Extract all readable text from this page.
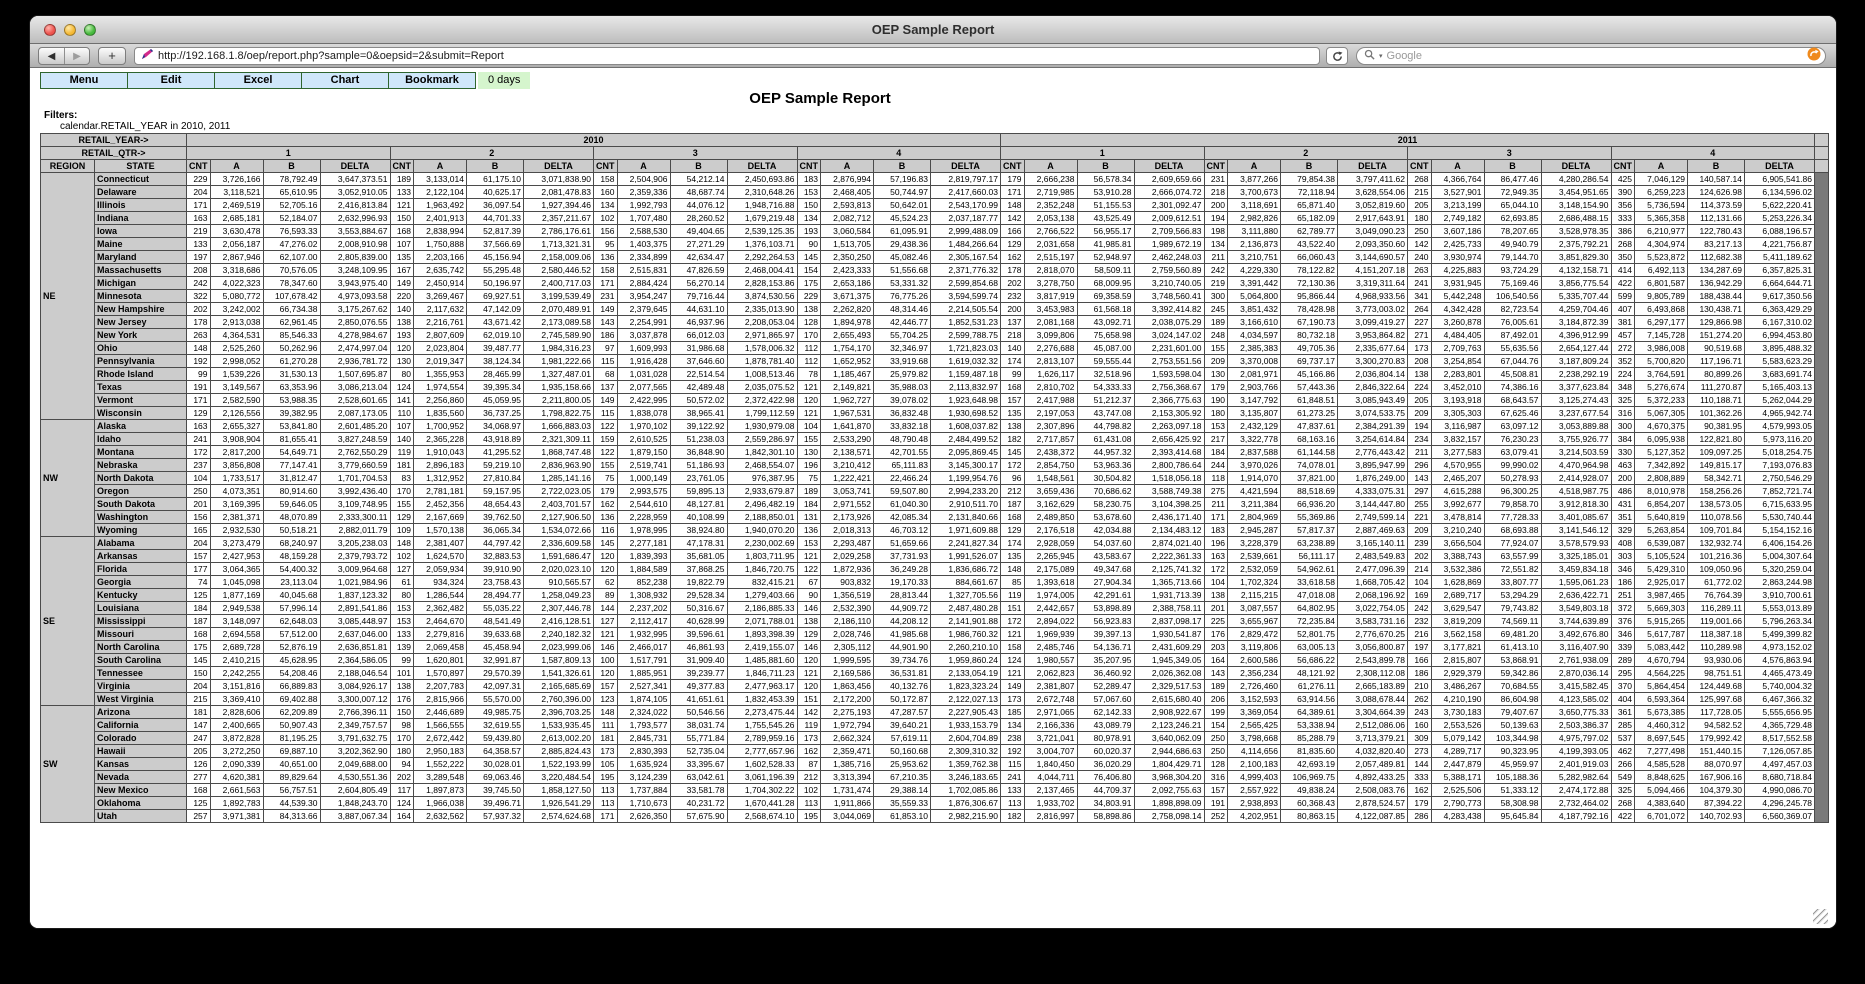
OEP Sample Report
◀	▶	+	http://192.168.1.8/oep/report.php?sample=0&oepsid=2&submit=Report	▾ Google
Menu	Edit	Excel	Chart	Bookmark	0 days
OEP Sample Report
Filters:
calendar.RETAIL_YEAR in 2010, 2011
RETAIL_YEAR->		2010																2011																
RETAIL_QTR->		1				2				3				4				1				2				3				4				
REGION	STATE	CNT	A	B	DELTA	CNT	A	B	DELTA	CNT	A	B	DELTA	CNT	A	B	DELTA	CNT	A	B	DELTA	CNT	A	B	DELTA	CNT	A	B	DELTA	CNT	A	B	DELTA	
NE	Connecticut	229	3,726,166	78,792.49	3,647,373.51	189	3,133,014	61,175.10	3,071,838.90	158	2,504,906	54,212.14	2,450,693.86	183	2,876,994	57,196.83	2,819,797.17	179	2,666,238	56,578.34	2,609,659.66	231	3,877,266	79,854.38	3,797,411.62	268	4,366,764	86,477.46	4,280,286.54	425	7,046,129	140,587.14	6,905,541.86	
	Delaware	204	3,118,521	65,610.95	3,052,910.05	133	2,122,104	40,625.17	2,081,478.83	160	2,359,336	48,687.74	2,310,648.26	153	2,468,405	50,744.97	2,417,660.03	171	2,719,985	53,910.28	2,666,074.72	218	3,700,673	72,118.94	3,628,554.06	215	3,527,901	72,949.35	3,454,951.65	390	6,259,223	124,626.98	6,134,596.02	
	Illinois	171	2,469,519	52,705.16	2,416,813.84	121	1,963,492	36,097.54	1,927,394.46	134	1,992,793	44,076.12	1,948,716.88	150	2,593,813	50,642.01	2,543,170.99	148	2,352,248	51,155.53	2,301,092.47	200	3,118,691	65,871.40	3,052,819.60	205	3,213,199	65,044.10	3,148,154.90	356	5,736,594	114,373.59	5,622,220.41	
	Indiana	163	2,685,181	52,184.07	2,632,996.93	150	2,401,913	44,701.33	2,357,211.67	102	1,707,480	28,260.52	1,679,219.48	134	2,082,712	45,524.23	2,037,187.77	142	2,053,138	43,525.49	2,009,612.51	194	2,982,826	65,182.09	2,917,643.91	180	2,749,182	62,693.85	2,686,488.15	333	5,365,358	112,131.66	5,253,226.34	
	Iowa	219	3,630,478	76,593.33	3,553,884.67	168	2,838,994	52,817.39	2,786,176.61	156	2,588,530	49,404.65	2,539,125.35	193	3,060,584	61,095.91	2,999,488.09	166	2,766,522	56,955.17	2,709,566.83	198	3,111,880	62,789.77	3,049,090.23	250	3,607,186	78,207.65	3,528,978.35	386	6,210,977	122,780.43	6,088,196.57	
	Maine	133	2,056,187	47,276.02	2,008,910.98	107	1,750,888	37,566.69	1,713,321.31	95	1,403,375	27,271.29	1,376,103.71	90	1,513,705	29,438.36	1,484,266.64	129	2,031,658	41,985.81	1,989,672.19	134	2,136,873	43,522.40	2,093,350.60	142	2,425,733	49,940.79	2,375,792.21	268	4,304,974	83,217.13	4,221,756.87	
	Maryland	197	2,867,946	62,107.00	2,805,839.00	135	2,203,166	45,156.94	2,158,009.06	136	2,334,899	42,634.47	2,292,264.53	145	2,350,250	45,082.46	2,305,167.54	162	2,515,197	52,948.97	2,462,248.03	211	3,210,751	66,060.43	3,144,690.57	240	3,930,974	79,144.70	3,851,829.30	350	5,523,872	112,682.38	5,411,189.62	
	Massachusetts	208	3,318,686	70,576.05	3,248,109.95	167	2,635,742	55,295.48	2,580,446.52	158	2,515,831	47,826.59	2,468,004.41	154	2,423,333	51,556.68	2,371,776.32	178	2,818,070	58,509.11	2,759,560.89	242	4,229,330	78,122.82	4,151,207.18	263	4,225,883	93,724.29	4,132,158.71	414	6,492,113	134,287.69	6,357,825.31	
	Michigan	242	4,022,323	78,347.60	3,943,975.40	149	2,450,914	50,196.97	2,400,717.03	171	2,884,424	56,270.14	2,828,153.86	175	2,653,186	53,331.32	2,599,854.68	202	3,278,750	68,009.95	3,210,740.05	219	3,391,442	72,130.36	3,319,311.64	241	3,931,945	75,169.46	3,856,775.54	422	6,801,587	136,942.29	6,664,644.71	
	Minnesota	322	5,080,772	107,678.42	4,973,093.58	220	3,269,467	69,927.51	3,199,539.49	231	3,954,247	79,716.44	3,874,530.56	229	3,671,375	76,775.26	3,594,599.74	232	3,817,919	69,358.59	3,748,560.41	300	5,064,800	95,866.44	4,968,933.56	341	5,442,248	106,540.56	5,335,707.44	599	9,805,789	188,438.44	9,617,350.56	
	New Hampshire	202	3,242,002	66,734.38	3,175,267.62	140	2,117,632	47,142.09	2,070,489.91	149	2,379,645	44,631.10	2,335,013.90	138	2,262,820	48,314.46	2,214,505.54	200	3,453,983	61,568.18	3,392,414.82	245	3,851,432	78,428.98	3,773,003.02	264	4,342,428	82,723.54	4,259,704.46	407	6,493,868	130,438.71	6,363,429.29	
	New Jersey	178	2,913,038	62,961.45	2,850,076.55	138	2,216,761	43,671.42	2,173,089.58	143	2,254,991	46,937.96	2,208,053.04	128	1,894,978	42,446.77	1,852,531.23	137	2,081,168	43,092.71	2,038,075.29	189	3,166,610	67,190.73	3,099,419.27	227	3,260,878	76,005.61	3,184,872.39	381	6,297,177	129,866.98	6,167,310.02	
	New York	263	4,364,531	85,546.33	4,278,984.67	193	2,807,609	62,019.10	2,745,589.90	186	3,037,878	66,012.03	2,971,865.97	170	2,655,493	55,704.25	2,599,788.75	218	3,099,806	75,658.98	3,024,147.02	248	4,034,597	80,732.18	3,953,864.82	271	4,484,405	87,492.01	4,396,912.99	457	7,145,728	151,274.20	6,994,453.80	
	Ohio	148	2,525,260	50,262.96	2,474,997.04	120	2,023,804	39,487.77	1,984,316.23	97	1,609,993	31,986.68	1,578,006.32	112	1,754,170	32,346.97	1,721,823.03	140	2,276,688	45,087.00	2,231,601.00	155	2,385,383	49,705.36	2,335,677.64	173	2,709,763	55,635.56	2,654,127.44	272	3,986,008	90,519.68	3,895,488.32	
	Pennsylvania	192	2,998,052	61,270.28	2,936,781.72	130	2,019,347	38,124.34	1,981,222.66	115	1,916,428	37,646.60	1,878,781.40	112	1,652,952	33,919.68	1,619,032.32	174	2,813,107	59,555.44	2,753,551.56	209	3,370,008	69,737.17	3,300,270.83	208	3,254,854	67,044.76	3,187,809.24	352	5,700,820	117,196.71	5,583,623.29	
	Rhode Island	99	1,539,226	31,530.13	1,507,695.87	80	1,355,953	28,465.99	1,327,487.01	68	1,031,028	22,514.54	1,008,513.46	78	1,185,467	25,979.82	1,159,487.18	99	1,626,117	32,518.96	1,593,598.04	130	2,081,971	45,166.86	2,036,804.14	138	2,283,801	45,508.81	2,238,292.19	224	3,764,591	80,899.26	3,683,691.74	
	Texas	191	3,149,567	63,353.96	3,086,213.04	124	1,974,554	39,395.34	1,935,158.66	137	2,077,565	42,489.48	2,035,075.52	121	2,149,821	35,988.03	2,113,832.97	168	2,810,702	54,333.33	2,756,368.67	179	2,903,766	57,443.36	2,846,322.64	224	3,452,010	74,386.16	3,377,623.84	348	5,276,674	111,270.87	5,165,403.13	
	Vermont	171	2,582,590	53,988.35	2,528,601.65	141	2,256,860	45,059.95	2,211,800.05	149	2,422,995	50,572.02	2,372,422.98	120	1,962,727	39,078.02	1,923,648.98	157	2,417,988	51,212.37	2,366,775.63	190	3,147,792	61,848.51	3,085,943.49	205	3,193,918	68,643.57	3,125,274.43	325	5,372,233	110,188.71	5,262,044.29	
	Wisconsin	129	2,126,556	39,382.95	2,087,173.05	110	1,835,560	36,737.25	1,798,822.75	115	1,838,078	38,965.41	1,799,112.59	121	1,967,531	36,832.48	1,930,698.52	135	2,197,053	43,747.08	2,153,305.92	180	3,135,807	61,273.25	3,074,533.75	209	3,305,303	67,625.46	3,237,677.54	316	5,067,305	101,362.26	4,965,942.74	
NW	Alaska	163	2,655,327	53,841.80	2,601,485.20	107	1,700,952	34,068.97	1,666,883.03	122	1,970,102	39,122.92	1,930,979.08	104	1,641,870	33,832.18	1,608,037.82	138	2,307,896	44,798.82	2,263,097.18	153	2,432,129	47,837.61	2,384,291.39	194	3,116,987	63,097.12	3,053,889.88	300	4,670,375	90,381.95	4,579,993.05	
	Idaho	241	3,908,904	81,655.41	3,827,248.59	140	2,365,228	43,918.89	2,321,309.11	159	2,610,525	51,238.03	2,559,286.97	155	2,533,290	48,790.48	2,484,499.52	182	2,717,857	61,431.08	2,656,425.92	217	3,322,778	68,163.16	3,254,614.84	234	3,832,157	76,230.23	3,755,926.77	384	6,095,938	122,821.80	5,973,116.20	
	Montana	172	2,817,200	54,649.71	2,762,550.29	119	1,910,043	41,295.52	1,868,747.48	122	1,879,150	36,848.90	1,842,301.10	130	2,138,571	42,701.55	2,095,869.45	145	2,438,372	44,957.32	2,393,414.68	184	2,837,588	61,144.58	2,776,443.42	211	3,277,583	63,079.41	3,214,503.59	330	5,127,352	109,097.25	5,018,254.75	
	Nebraska	237	3,856,808	77,147.41	3,779,660.59	181	2,896,183	59,219.10	2,836,963.90	155	2,519,741	51,186.93	2,468,554.07	196	3,210,412	65,111.83	3,145,300.17	172	2,854,750	53,963.36	2,800,786.64	244	3,970,026	74,078.01	3,895,947.99	296	4,570,955	99,990.02	4,470,964.98	463	7,342,892	149,815.17	7,193,076.83	
	North Dakota	104	1,733,517	31,812.47	1,701,704.53	83	1,312,952	27,810.84	1,285,141.16	75	1,000,149	23,761.05	976,387.95	75	1,222,421	22,466.24	1,199,954.76	96	1,548,561	30,504.82	1,518,056.18	118	1,914,070	37,821.00	1,876,249.00	143	2,465,207	50,278.93	2,414,928.07	200	2,808,889	58,342.71	2,750,546.29	
	Oregon	250	4,073,351	80,914.60	3,992,436.40	170	2,781,181	59,157.95	2,722,023.05	179	2,993,575	59,895.13	2,933,679.87	189	3,053,741	59,507.80	2,994,233.20	212	3,659,436	70,686.62	3,588,749.38	275	4,421,594	88,518.69	4,333,075.31	297	4,615,288	96,300.25	4,518,987.75	486	8,010,978	158,256.26	7,852,721.74	
	South Dakota	201	3,169,395	59,646.05	3,109,748.95	155	2,452,356	48,654.43	2,403,701.57	162	2,544,610	48,127.81	2,496,482.19	184	2,971,552	61,040.30	2,910,511.70	187	3,162,629	58,230.75	3,104,398.25	211	3,211,384	66,936.20	3,144,447.80	255	3,992,677	79,858.70	3,912,818.30	431	6,854,207	138,573.05	6,715,633.95	
	Washington	156	2,381,371	48,070.89	2,333,300.11	129	2,167,669	39,762.50	2,127,906.50	136	2,228,959	40,108.99	2,188,850.01	131	2,173,926	42,085.34	2,131,840.66	168	2,489,850	53,678.60	2,436,171.40	171	2,804,969	55,369.86	2,749,599.14	221	3,478,814	77,728.33	3,401,085.67	351	5,640,819	110,078.56	5,530,740.44	
	Wyoming	165	2,932,530	50,518.21	2,882,011.79	109	1,570,138	36,065.34	1,534,072.66	116	1,978,995	38,924.80	1,940,070.20	136	2,018,313	46,703.12	1,971,609.88	129	2,176,518	42,034.88	2,134,483.12	183	2,945,287	57,817.37	2,887,469.63	209	3,210,240	68,693.88	3,141,546.12	329	5,263,854	109,701.84	5,154,152.16	
SE	Alabama	204	3,273,479	68,240.97	3,205,238.03	148	2,381,407	44,797.42	2,336,609.58	145	2,277,181	47,178.31	2,230,002.69	153	2,293,487	51,659.66	2,241,827.34	174	2,928,059	54,037.60	2,874,021.40	196	3,228,379	63,238.89	3,165,140.11	239	3,656,504	77,924.07	3,578,579.93	408	6,539,087	132,932.74	6,406,154.26	
	Arkansas	157	2,427,953	48,159.28	2,379,793.72	102	1,624,570	32,883.53	1,591,686.47	120	1,839,393	35,681.05	1,803,711.95	121	2,029,258	37,731.93	1,991,526.07	135	2,265,945	43,583.67	2,222,361.33	163	2,539,661	56,111.17	2,483,549.83	202	3,388,743	63,557.99	3,325,185.01	303	5,105,524	101,216.36	5,004,307.64	
	Florida	177	3,064,365	54,400.32	3,009,964.68	127	2,059,934	39,910.90	2,020,023.10	120	1,884,589	37,868.25	1,846,720.75	122	1,872,936	36,249.28	1,836,686.72	148	2,175,089	49,347.68	2,125,741.32	172	2,532,059	54,962.61	2,477,096.39	214	3,532,386	72,551.82	3,459,834.18	346	5,429,310	109,050.96	5,320,259.04	
	Georgia	74	1,045,098	23,113.04	1,021,984.96	61	934,324	23,758.43	910,565.57	62	852,238	19,822.79	832,415.21	67	903,832	19,170.33	884,661.67	85	1,393,618	27,904.34	1,365,713.66	104	1,702,324	33,618.58	1,668,705.42	104	1,628,869	33,807.77	1,595,061.23	186	2,925,017	61,772.02	2,863,244.98	
	Kentucky	125	1,877,169	40,045.68	1,837,123.32	80	1,286,544	28,494.77	1,258,049.23	89	1,308,932	29,528.34	1,279,403.66	90	1,356,519	28,813.44	1,327,705.56	119	1,974,005	42,291.61	1,931,713.39	138	2,115,215	47,018.08	2,068,196.92	169	2,689,717	53,294.29	2,636,422.71	251	3,987,465	76,764.39	3,910,700.61	
	Louisiana	184	2,949,538	57,996.14	2,891,541.86	153	2,362,482	55,035.22	2,307,446.78	144	2,237,202	50,316.67	2,186,885.33	146	2,532,390	44,909.72	2,487,480.28	151	2,442,657	53,898.89	2,388,758.11	201	3,087,557	64,802.95	3,022,754.05	242	3,629,547	79,743.82	3,549,803.18	372	5,669,303	116,289.11	5,553,013.89	
	Mississippi	187	3,148,097	62,648.03	3,085,448.97	153	2,464,670	48,541.49	2,416,128.51	127	2,112,417	40,628.99	2,071,788.01	138	2,186,110	44,208.12	2,141,901.88	172	2,894,022	56,923.83	2,837,098.17	225	3,655,967	72,235.84	3,583,731.16	232	3,819,209	74,569.11	3,744,639.89	376	5,915,265	119,001.66	5,796,263.34	
	Missouri	168	2,694,558	57,512.00	2,637,046.00	133	2,279,816	39,633.68	2,240,182.32	121	1,932,995	39,596.61	1,893,398.39	129	2,028,746	41,985.68	1,986,760.32	121	1,969,939	39,397.13	1,930,541.87	176	2,829,472	52,801.75	2,776,670.25	216	3,562,158	69,481.20	3,492,676.80	346	5,617,787	118,387.18	5,499,399.82	
	North Carolina	175	2,689,728	52,876.19	2,636,851.81	139	2,069,458	45,458.94	2,023,999.06	146	2,466,017	46,861.93	2,419,155.07	146	2,305,112	44,901.90	2,260,210.10	158	2,485,746	54,136.71	2,431,609.29	203	3,119,806	63,005.13	3,056,800.87	197	3,177,821	61,413.10	3,116,407.90	339	5,083,442	110,289.98	4,973,152.02	
	South Carolina	145	2,410,215	45,628.95	2,364,586.05	99	1,620,801	32,991.87	1,587,809.13	100	1,517,791	31,909.40	1,485,881.60	120	1,999,595	39,734.76	1,959,860.24	124	1,980,557	35,207.95	1,945,349.05	164	2,600,586	56,686.22	2,543,899.78	166	2,815,807	53,868.91	2,761,938.09	289	4,670,794	93,930.06	4,576,863.94	
	Tennessee	150	2,242,255	54,208.46	2,188,046.54	101	1,570,897	29,570.39	1,541,326.61	120	1,885,951	39,239.77	1,846,711.23	121	2,169,586	36,531.81	2,133,054.19	121	2,062,823	36,460.92	2,026,362.08	143	2,356,234	48,121.92	2,308,112.08	186	2,929,379	59,342.86	2,870,036.14	295	4,564,225	98,751.51	4,465,473.49	
	Virginia	204	3,151,816	66,889.83	3,084,926.17	138	2,207,783	42,097.31	2,165,685.69	157	2,527,341	49,377.83	2,477,963.17	120	1,863,456	40,132.76	1,823,323.24	149	2,381,807	52,289.47	2,329,517.53	189	2,726,460	61,276.11	2,665,183.89	210	3,486,267	70,684.55	3,415,582.45	370	5,864,454	124,449.68	5,740,004.32	
	West Virginia	215	3,369,410	69,402.88	3,300,007.12	176	2,815,966	55,570.00	2,760,396.00	123	1,874,105	41,651.61	1,832,453.39	151	2,172,200	50,172.87	2,122,027.13	173	2,672,748	57,067.60	2,615,680.40	206	3,152,593	63,914.56	3,088,678.44	262	4,210,190	86,604.98	4,123,585.02	404	6,593,364	125,997.68	6,467,366.32	
SW	Arizona	181	2,828,606	62,209.89	2,766,396.11	150	2,446,689	49,985.75	2,396,703.25	148	2,324,022	50,546.56	2,273,475.44	142	2,275,193	47,287.57	2,227,905.43	185	2,971,065	62,142.33	2,908,922.67	199	3,369,054	64,389.61	3,304,664.39	243	3,730,183	79,407.67	3,650,775.33	361	5,673,385	117,728.05	5,555,656.95	
	California	147	2,400,665	50,907.43	2,349,757.57	98	1,566,555	32,619.55	1,533,935.45	111	1,793,577	38,031.74	1,755,545.26	119	1,972,794	39,640.21	1,933,153.79	134	2,166,336	43,089.79	2,123,246.21	154	2,565,425	53,338.94	2,512,086.06	160	2,553,526	50,139.63	2,503,386.37	285	4,460,312	94,582.52	4,365,729.48	
	Colorado	247	3,872,828	81,195.25	3,791,632.75	170	2,672,442	59,439.80	2,613,002.20	181	2,845,731	55,771.84	2,789,959.16	173	2,662,324	57,619.11	2,604,704.89	238	3,721,041	80,978.91	3,640,062.09	250	3,798,668	85,288.79	3,713,379.21	309	5,079,142	103,344.98	4,975,797.02	537	8,697,545	179,992.42	8,517,552.58	
	Hawaii	205	3,272,250	69,887.10	3,202,362.90	180	2,950,183	64,358.57	2,885,824.43	173	2,830,393	52,735.04	2,777,657.96	162	2,359,471	50,160.68	2,309,310.32	192	3,004,707	60,020.37	2,944,686.63	250	4,114,656	81,835.60	4,032,820.40	273	4,289,717	90,323.95	4,199,393.05	462	7,277,498	151,440.15	7,126,057.85	
	Kansas	126	2,090,339	40,651.00	2,049,688.00	94	1,552,222	30,028.01	1,522,193.99	105	1,635,924	33,395.67	1,602,528.33	87	1,385,716	25,953.62	1,359,762.38	115	1,840,450	36,020.29	1,804,429.71	128	2,100,183	42,693.19	2,057,489.81	144	2,447,879	45,959.97	2,401,919.03	266	4,585,528	88,070.97	4,497,457.03	
	Nevada	277	4,620,381	89,829.64	4,530,551.36	202	3,289,548	69,063.46	3,220,484.54	195	3,124,239	63,042.61	3,061,196.39	212	3,313,394	67,210.35	3,246,183.65	241	4,044,711	76,406.80	3,968,304.20	316	4,999,403	106,969.75	4,892,433.25	333	5,388,171	105,188.36	5,282,982.64	549	8,848,625	167,906.16	8,680,718.84	
	New Mexico	168	2,661,563	56,757.51	2,604,805.49	117	1,897,873	39,745.50	1,858,127.50	113	1,737,884	33,581.78	1,704,302.22	102	1,731,474	29,388.14	1,702,085.86	133	2,137,465	44,709.37	2,092,755.63	157	2,557,922	49,838.24	2,508,083.76	162	2,525,506	51,333.12	2,474,172.88	325	5,094,466	104,379.30	4,990,086.70	
	Oklahoma	125	1,892,783	44,539.30	1,848,243.70	124	1,966,038	39,496.71	1,926,541.29	113	1,710,673	40,231.72	1,670,441.28	113	1,911,866	35,559.33	1,876,306.67	113	1,933,702	34,803.91	1,898,898.09	191	2,938,893	60,368.43	2,878,524.57	179	2,790,773	58,308.98	2,732,464.02	268	4,383,640	87,394.22	4,296,245.78	
	Utah	257	3,971,381	84,313.66	3,887,067.34	164	2,632,562	57,937.32	2,574,624.68	171	2,626,350	57,675.90	2,568,674.10	195	3,044,069	61,853.10	2,982,215.90	182	2,816,997	58,898.86	2,758,098.14	252	4,202,951	80,863.15	4,122,087.85	286	4,283,438	95,645.84	4,187,792.16	422	6,701,072	140,702.93	6,560,369.07	
